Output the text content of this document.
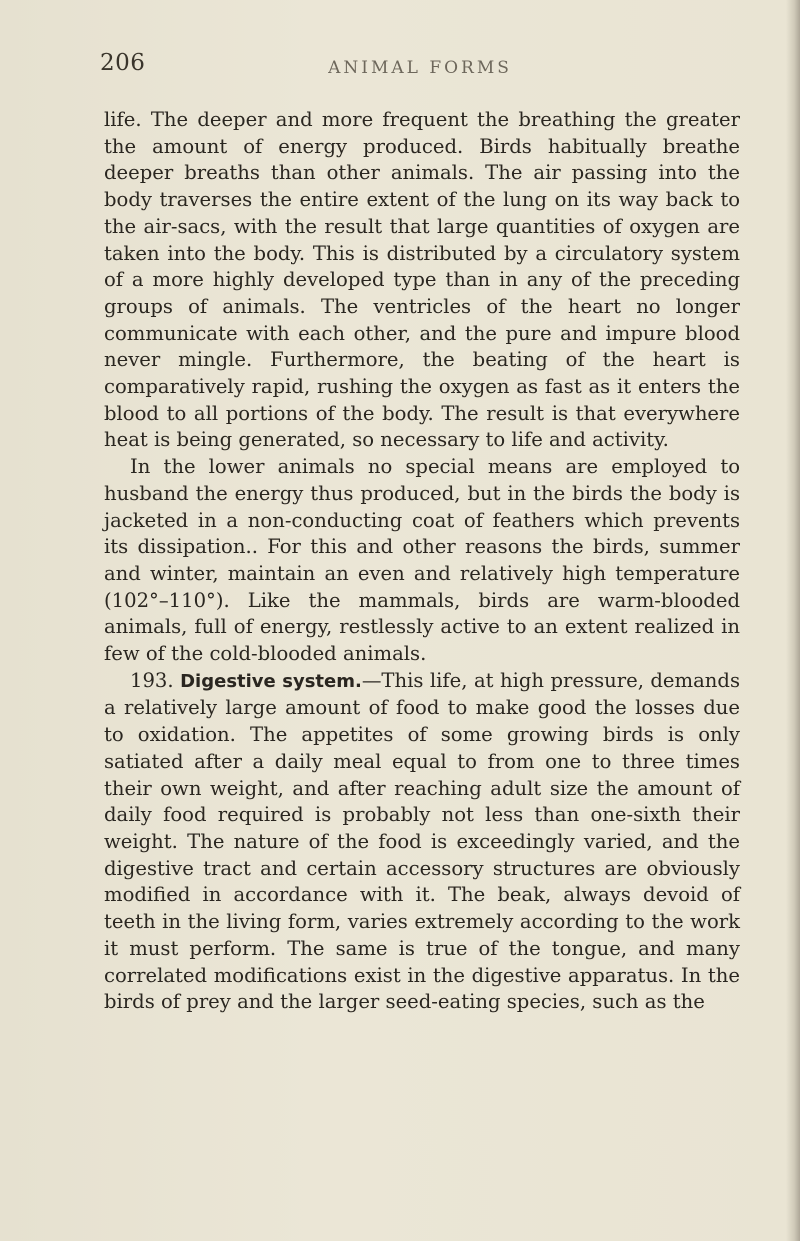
206	ANIMAL FORMS

life. The deeper and more frequent the breathing the greater the amount of energy produced. Birds habitually breathe deeper breaths than other animals. The air passing into the body traverses the entire extent of the lung on its way back to the air-sacs, with the result that large quantities of oxygen are taken into the body. This is distributed by a circulatory system of a more highly developed type than in any of the preceding groups of animals. The ventricles of the heart no longer communicate with each other, and the pure and impure blood never mingle. Furthermore, the beating of the heart is comparatively rapid, rushing the oxygen as fast as it enters the blood to all portions of the body. The result is that everywhere heat is being generated, so necessary to life and activity.

In the lower animals no special means are employed to husband the energy thus produced, but in the birds the body is jacketed in a non-conducting coat of feathers which prevents its dissipation.. For this and other reasons the birds, summer and winter, maintain an even and relatively high temperature (102°–110°). Like the mammals, birds are warm-blooded animals, full of energy, restlessly active to an extent realized in few of the cold-blooded animals.

193. Digestive system.—This life, at high pressure, demands a relatively large amount of food to make good the losses due to oxidation. The appetites of some growing birds is only satiated after a daily meal equal to from one to three times their own weight, and after reaching adult size the amount of daily food required is probably not less than one-sixth their weight. The nature of the food is exceedingly varied, and the digestive tract and certain accessory structures are obviously modified in accordance with it. The beak, always devoid of teeth in the living form, varies extremely according to the work it must perform. The same is true of the tongue, and many correlated modifications exist in the digestive apparatus. In the birds of prey and the larger seed-eating species, such as the
